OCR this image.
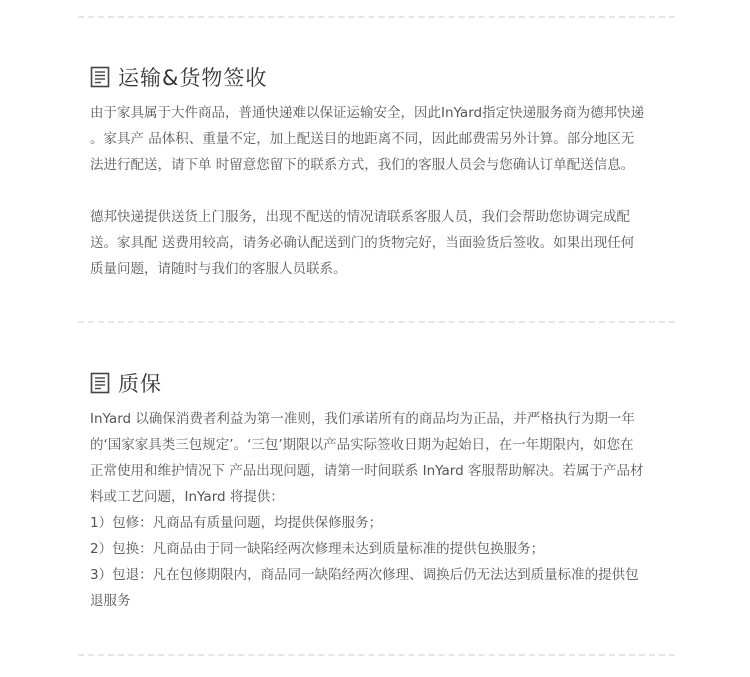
运输&货物签收
由于家具属于大件商品，普通快递难以保证运输安全，因此InYard指定快递服务商为德邦快递
。家具产 品体积、重量不定，加上配送目的地距离不同，因此邮费需另外计算。部分地区无
法进行配送，请下单 时留意您留下的联系方式，我们的客服人员会与您确认订单配送信息。
德邦快递提供送货上门服务，出现不配送的情况请联系客服人员，我们会帮助您协调完成配
送。家具配 送费用较高，请务必确认配送到门的货物完好，当面验货后签收。如果出现任何
质量问题，请随时与我们的客服人员联系。
质保
InYard 以确保消费者利益为第一准则，我们承诺所有的商品均为正品，并严格执行为期一年
的‘国家家具类三包规定’。‘三包’期限以产品实际签收日期为起始日，在一年期限内，如您在
正常使用和维护情况下 产品出现问题，请第一时间联系 InYard 客服帮助解决。若属于产品材
料或工艺问题，InYard 将提供：
1）包修：凡商品有质量问题，均提供保修服务；
2）包换：凡商品由于同一缺陷经两次修理未达到质量标准的提供包换服务；
3）包退：凡在包修期限内，商品同一缺陷经两次修理、调换后仍无法达到质量标准的提供包
退服务
